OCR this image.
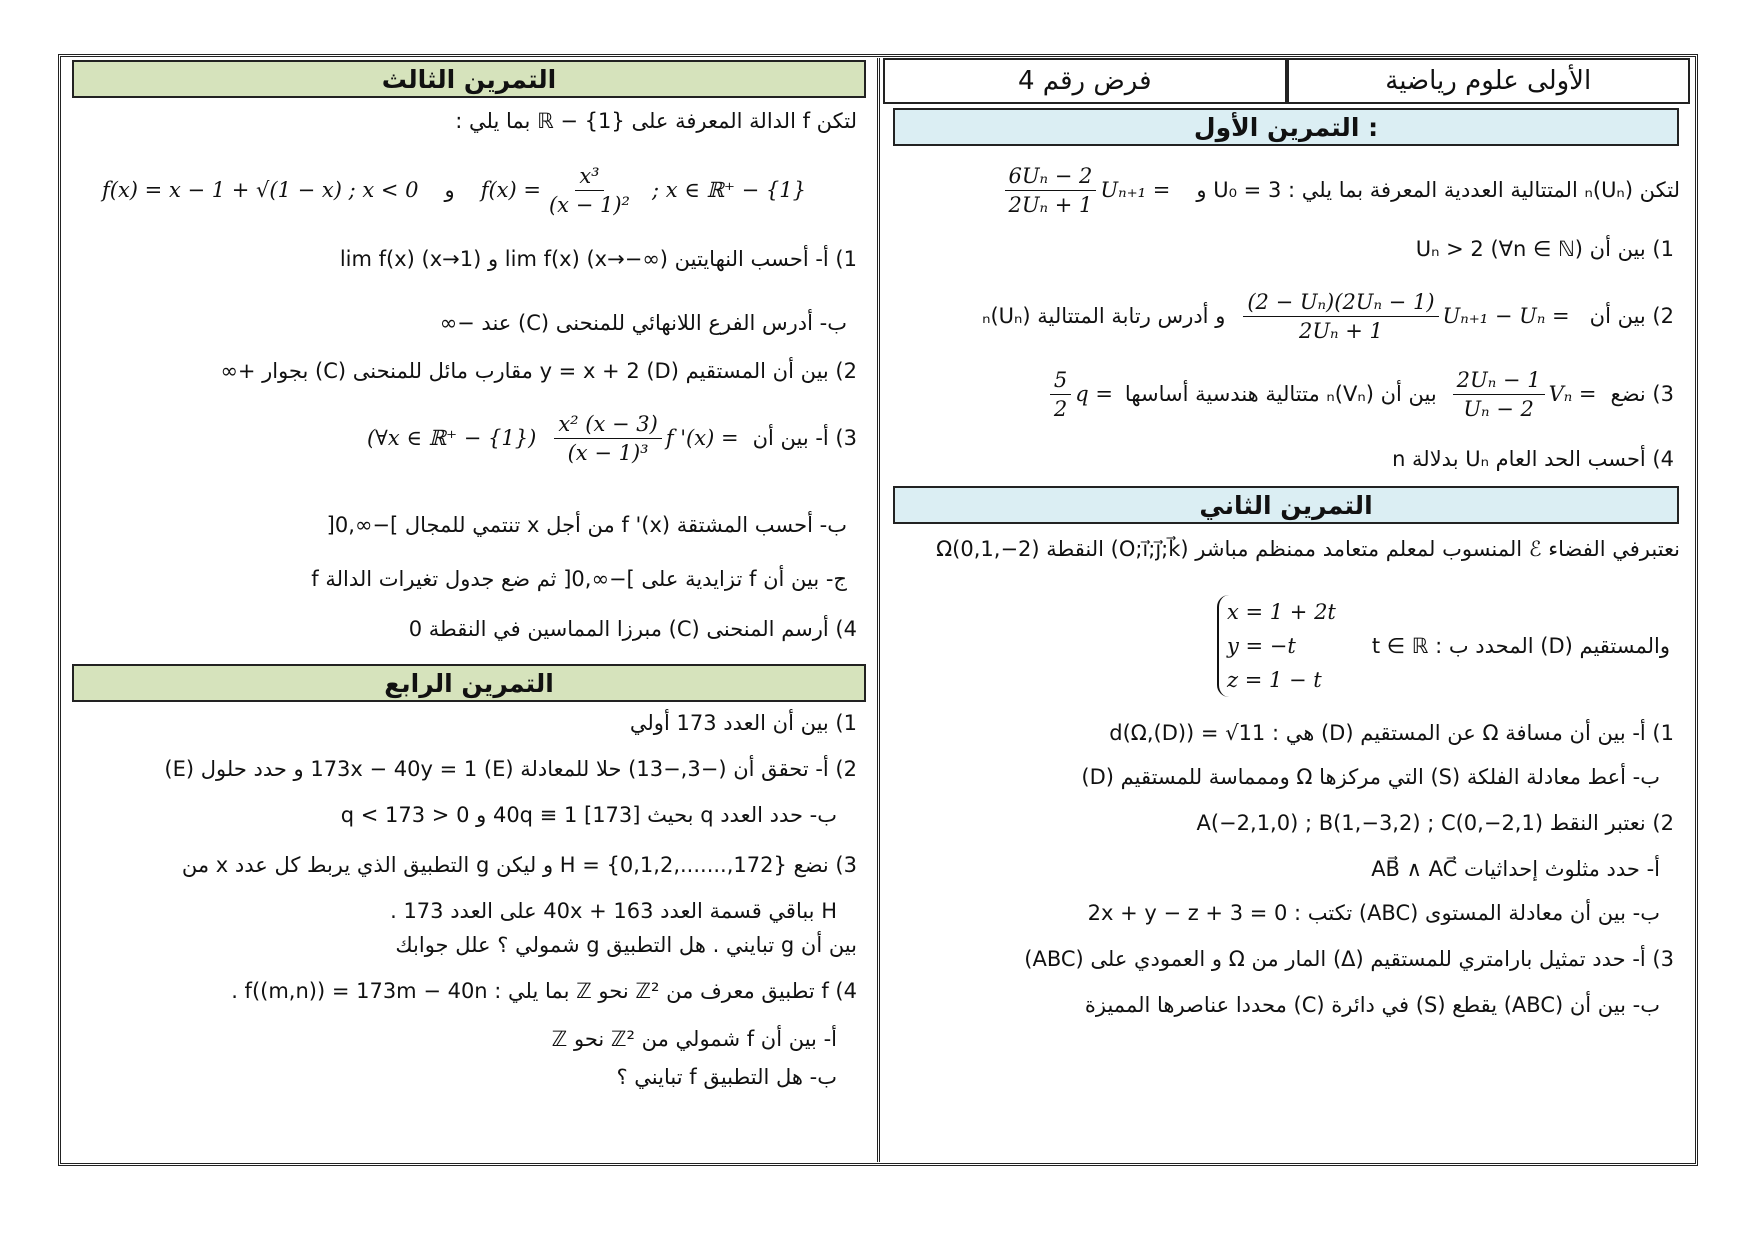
التمرين الثالث
لتكن f الدالة المعرفة على ℝ − {1} بما يلي :
f(x) = x − 1 + √(1 − x) ; x < 0 و $f(x) = \frac{\text{x³}}{\text{(x − 1)²}}$ ; x ∈ ℝ⁺ − {1}
1) أ- أحسب النهايتين lim f(x) (x→−∞) و lim f(x) (x→1)
ب- أدرس الفرع اللانهائي للمنحنى (C) عند −∞
2) بين أن المستقيم y = x + 2 (D) مقارب مائل للمنحنى (C) بجوار +∞
3) أ- بين أن
f '(x) =
$\frac{\text{x² (x − 3)}}{\text{(x − 1)³}}$
(∀x ∈ ℝ⁺ − {1})
ب- أحسب المشتقة f '(x) من أجل x تنتمي للمجال ]−∞,0[
ج- بين أن f تزايدية على ]−∞,0[ ثم ضع جدول تغيرات الدالة f
4) أرسم المنحنى (C) مبرزا المماسين في النقطة 0
التمرين الرابع
1) بين أن العدد 173 أولي
2) أ- تحقق أن (−3,−13) حلا للمعادلة 173x − 40y = 1 (E) و حدد حلول (E)
ب- حدد العدد q بحيث [173] 40q ≡ 1 و 0 < q < 173
3) نضع H = {0,1,2,.......,172} و ليكن g التطبيق الذي يربط كل عدد x من
H بباقي قسمة العدد 40x + 163 على العدد 173 .
بين أن g تبايني . هل التطبيق g شمولي ؟ علل جوابك
4) f تطبيق معرف من ℤ² نحو ℤ بما يلي : f((m,n)) = 173m − 40n .
أ- بين أن f شمولي من ℤ² نحو ℤ
ب- هل التطبيق f تبايني ؟
الأولى علوم رياضية
فرض رقم 4
التمرين الأول :
لتكن (Uₙ)ₙ المتتالية العددية المعرفة بما يلي : U₀ = 3 و
Uₙ₊₁ =
$\frac{\text{6Uₙ − 2}}{\text{2Uₙ + 1}}$
1) بين أن Uₙ > 2 (∀n ∈ ℕ)
2) بين أن
Uₙ₊₁ − Uₙ =
$\frac{\text{(2 − Uₙ)(2Uₙ − 1)}}{\text{2Uₙ + 1}}$
و أدرس رتابة المتتالية (Uₙ)ₙ
3) نضع
Vₙ =
$\frac{\text{2Uₙ − 1}}{\text{Uₙ − 2}}$
بين أن (Vₙ)ₙ متتالية هندسية أساسها
q =
$\frac{5}{2}$
4) أحسب الحد العام Uₙ بدلالة n
التمرين الثاني
نعتبرفي الفضاء ℰ المنسوب لمعلم متعامد ممنظم مباشر (O;i⃗;j⃗;k⃗) النقطة Ω(0,1,−2)
والمستقيم (D) المحدد ب : t ∈ ℝ
x = 1 + 2t
y = −t
z = 1 − t
1) أ- بين أن مسافة Ω عن المستقيم (D) هي : d(Ω,(D)) = √11
ب- أعط معادلة الفلكة (S) التي مركزها Ω وممماسة للمستقيم (D)
2) نعتبر النقط A(−2,1,0) ; B(1,−3,2) ; C(0,−2,1)
أ- حدد مثلوث إحداثيات AB⃗ ∧ AC⃗
ب- بين أن معادلة المستوى (ABC) تكتب : 2x + y − z + 3 = 0
3) أ- حدد تمثيل بارامتري للمستقيم (Δ) المار من Ω و العمودي على (ABC)
ب- بين أن (ABC) يقطع (S) في دائرة (C) محددا عناصرها المميزة
